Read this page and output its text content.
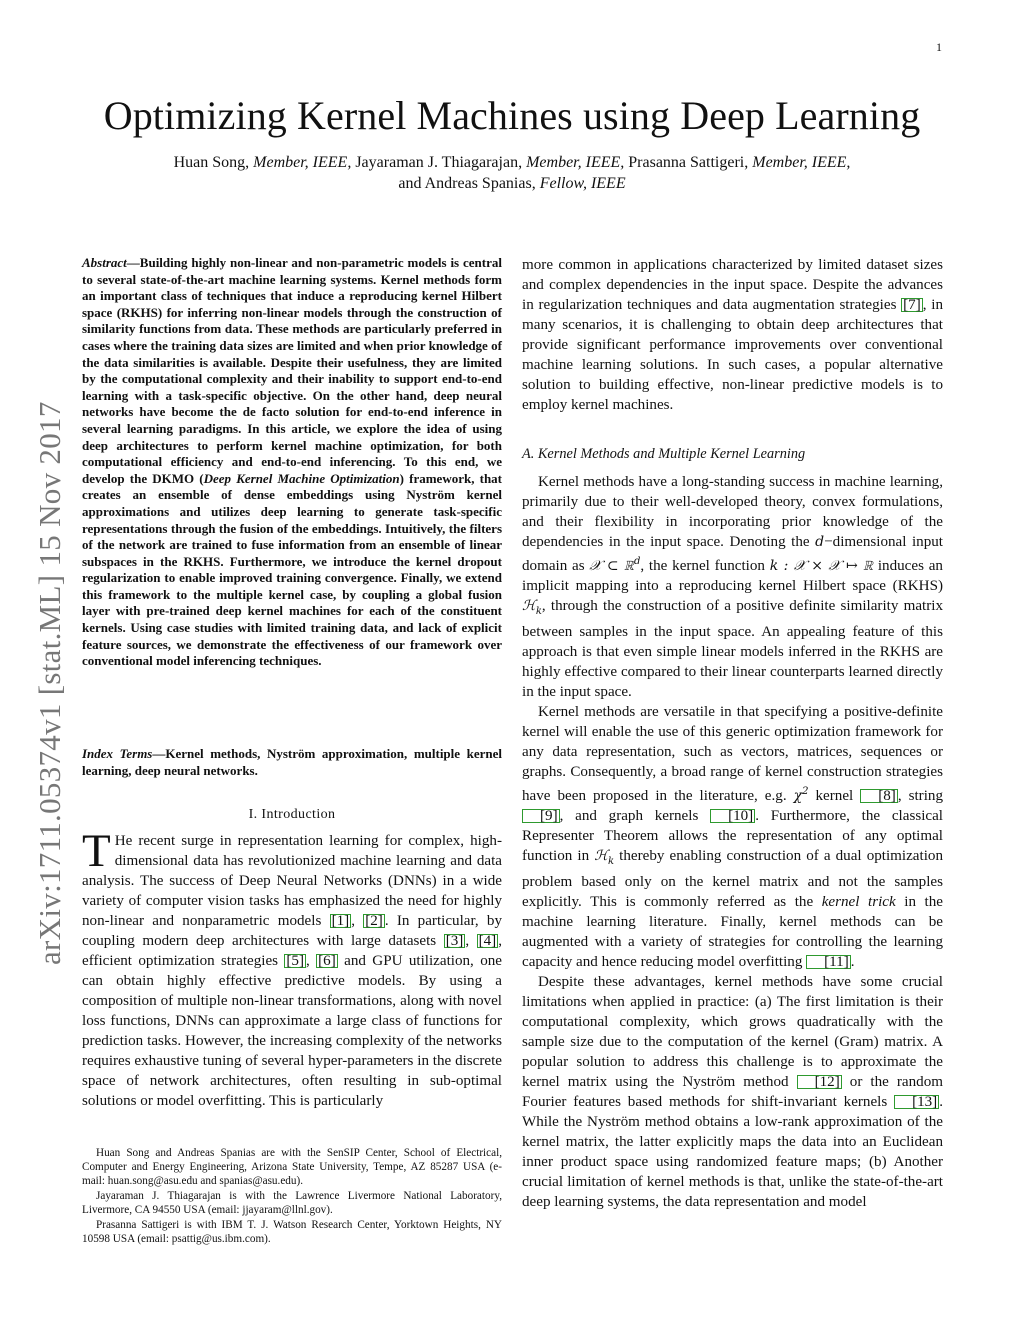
1
arXiv:1711.05374v1 [stat.ML] 15 Nov 2017
Optimizing Kernel Machines using Deep Learning
Huan Song, Member, IEEE, Jayaraman J. Thiagarajan, Member, IEEE, Prasanna Sattigeri, Member, IEEE,
and Andreas Spanias, Fellow, IEEE
Abstract—Building highly non-linear and non-parametric models is central to several state-of-the-art machine learning systems. Kernel methods form an important class of techniques that induce a reproducing kernel Hilbert space (RKHS) for inferring non-linear models through the construction of similarity functions from data. These methods are particularly preferred in cases where the training data sizes are limited and when prior knowledge of the data similarities is available. Despite their usefulness, they are limited by the computational complexity and their inability to support end-to-end learning with a task-specific objective. On the other hand, deep neural networks have become the de facto solution for end-to-end inference in several learning paradigms. In this article, we explore the idea of using deep architectures to perform kernel machine optimization, for both computational efficiency and end-to-end inferencing. To this end, we develop the DKMO (Deep Kernel Machine Optimization) framework, that creates an ensemble of dense embeddings using Nyström kernel approximations and utilizes deep learning to generate task-specific representations through the fusion of the embeddings. Intuitively, the filters of the network are trained to fuse information from an ensemble of linear subspaces in the RKHS. Furthermore, we introduce the kernel dropout regularization to enable improved training convergence. Finally, we extend this framework to the multiple kernel case, by coupling a global fusion layer with pre-trained deep kernel machines for each of the constituent kernels. Using case studies with limited training data, and lack of explicit feature sources, we demonstrate the effectiveness of our framework over conventional model inferencing techniques.
Index Terms—Kernel methods, Nyström approximation, multiple kernel learning, deep neural networks.
I. Introduction
T He recent surge in representation learning for complex, high-dimensional data has revolutionized machine learning and data analysis. The success of Deep Neural Networks (DNNs) in a wide variety of computer vision tasks has emphasized the need for highly non-linear and nonparametric models [1] , [2] . In particular, by coupling modern deep architectures with large datasets [3] , [4] , efficient optimization strategies [5] , [6] and GPU utilization, one can obtain highly effective predictive models. By using a composition of multiple non-linear transformations, along with novel loss functions, DNNs can approximate a large class of functions for prediction tasks. However, the increasing complexity of the networks requires exhaustive tuning of several hyper-parameters in the discrete space of network architectures, often resulting in sub-optimal solutions or model overfitting. This is particularly

Huan Song and Andreas Spanias are with the SenSIP Center, School of Electrical, Computer and Energy Engineering, Arizona State University, Tempe, AZ 85287 USA (e-mail: huan.song@asu.edu and spanias@asu.edu).

Jayaraman J. Thiagarajan is with the Lawrence Livermore National Laboratory, Livermore, CA 94550 USA (email: jjayaram@llnl.gov).

Prasanna Sattigeri is with IBM T. J. Watson Research Center, Yorktown Heights, NY 10598 USA (email: psattig@us.ibm.com).

more common in applications characterized by limited dataset sizes and complex dependencies in the input space. Despite the advances in regularization techniques and data augmentation strategies [7] , in many scenarios, it is challenging to obtain deep architectures that provide significant performance improvements over conventional machine learning solutions. In such cases, a popular alternative solution to building effective, non-linear predictive models is to employ kernel machines.
A. Kernel Methods and Multiple Kernel Learning

Kernel methods have a long-standing success in machine learning, primarily due to their well-developed theory, convex formulations, and their flexibility in incorporating prior knowledge of the dependencies in the input space. Denoting the d−dimensional input domain as 𝒳 ⊂ ℝ$^d$, the kernel function k : 𝒳 × 𝒳 ↦ ℝ induces an implicit mapping into a reproducing kernel Hilbert space (RKHS) ℋ$_k$, through the construction of a positive definite similarity matrix between samples in the input space. An appealing feature of this approach is that even simple linear models inferred in the RKHS are highly effective compared to their linear counterparts learned directly in the input space.

Kernel methods are versatile in that specifying a positive-definite kernel will enable the use of this generic optimization framework for any data representation, such as vectors, matrices, sequences or graphs. Consequently, a broad range of kernel construction strategies have been proposed in the literature, e.g. $\chi^2$ kernel [8] , string [9] , and graph kernels [10] . Furthermore, the classical Representer Theorem allows the representation of any optimal function in ℋ$_k$ thereby enabling construction of a dual optimization problem based only on the kernel matrix and not the samples explicitly. This is commonly referred as the kernel trick in the machine learning literature. Finally, kernel methods can be augmented with a variety of strategies for controlling the learning capacity and hence reducing model overfitting [11] .

Despite these advantages, kernel methods have some crucial limitations when applied in practice: (a) The first limitation is their computational complexity, which grows quadratically with the sample size due to the computation of the kernel (Gram) matrix. A popular solution to address this challenge is to approximate the kernel matrix using the Nyström method [12] or the random Fourier features based methods for shift-invariant kernels [13] . While the Nyström method obtains a low-rank approximation of the kernel matrix, the latter explicitly maps the data into an Euclidean inner product space using randomized feature maps; (b) Another crucial limitation of kernel methods is that, unlike the state-of-the-art deep learning systems, the data representation and model
